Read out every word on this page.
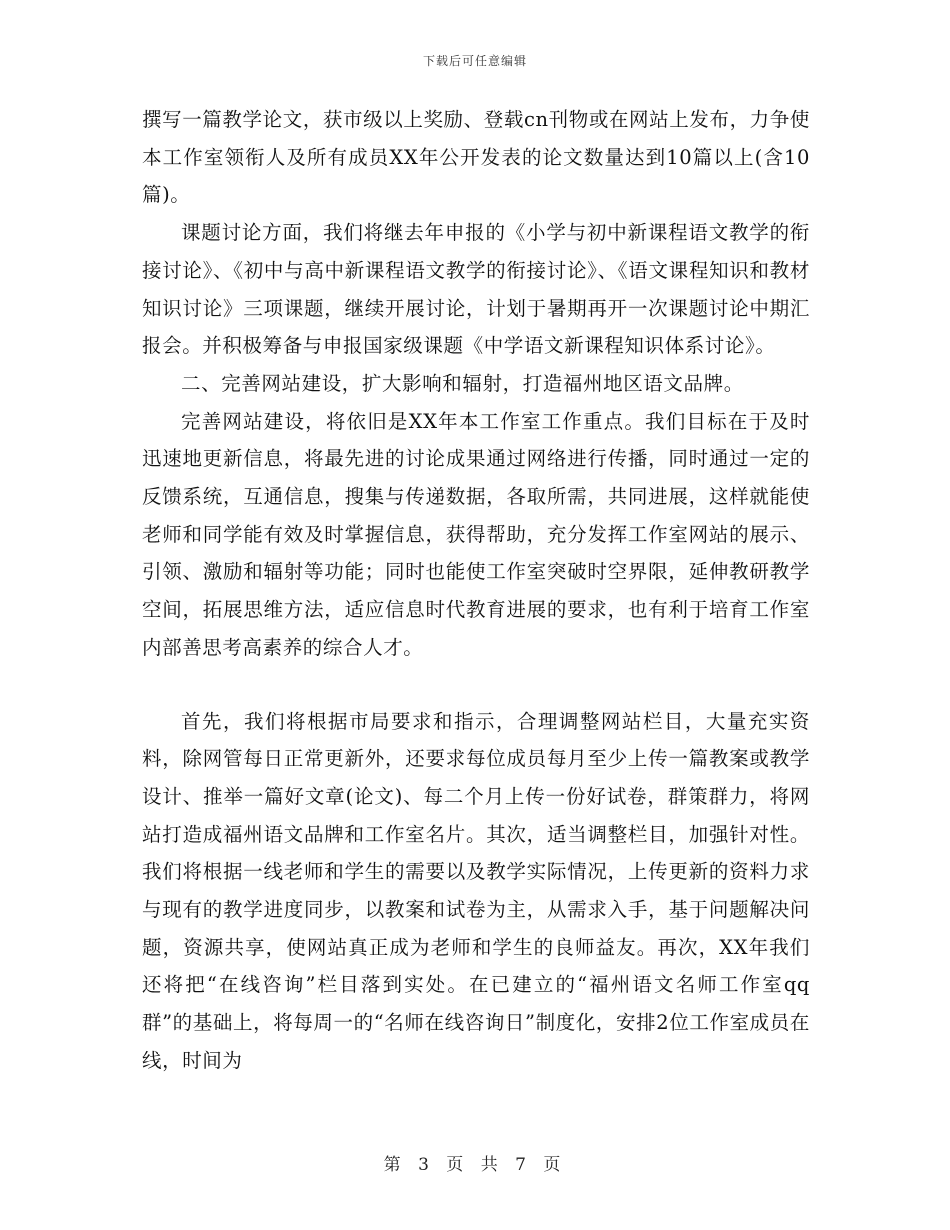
下载后可任意编辑

撰写一篇教学论文，获市级以上奖励、登载cn刊物或在网站上发布，力争使本工作室领衔人及所有成员XX年公开发表的论文数量达到10篇以上(含10篇)。

课题讨论方面，我们将继去年申报的《小学与初中新课程语文教学的衔接讨论》、《初中与高中新课程语文教学的衔接讨论》、《语文课程知识和教材知识讨论》三项课题，继续开展讨论，计划于暑期再开一次课题讨论中期汇报会。并积极筹备与申报国家级课题《中学语文新课程知识体系讨论》。

二、完善网站建设，扩大影响和辐射，打造福州地区语文品牌。

完善网站建设，将依旧是XX年本工作室工作重点。我们目标在于及时迅速地更新信息，将最先进的讨论成果通过网络进行传播，同时通过一定的反馈系统，互通信息，搜集与传递数据，各取所需，共同进展，这样就能使老师和同学能有效及时掌握信息，获得帮助，充分发挥工作室网站的展示、引领、激励和辐射等功能；同时也能使工作室突破时空界限，延伸教研教学空间，拓展思维方法，适应信息时代教育进展的要求，也有利于培育工作室内部善思考高素养的综合人才。

首先，我们将根据市局要求和指示，合理调整网站栏目，大量充实资料，除网管每日正常更新外，还要求每位成员每月至少上传一篇教案或教学设计、推举一篇好文章(论文)、每二个月上传一份好试卷，群策群力，将网站打造成福州语文品牌和工作室名片。其次，适当调整栏目，加强针对性。我们将根据一线老师和学生的需要以及教学实际情况，上传更新的资料力求与现有的教学进度同步，以教案和试卷为主，从需求入手，基于问题解决问题，资源共享，使网站真正成为老师和学生的良师益友。再次，XX年我们还将把“在线咨询”栏目落到实处。在已建立的“福州语文名师工作室qq群”的基础上，将每周一的“名师在线咨询日”制度化，安排2位工作室成员在线，时间为

第 3 页 共 7 页
